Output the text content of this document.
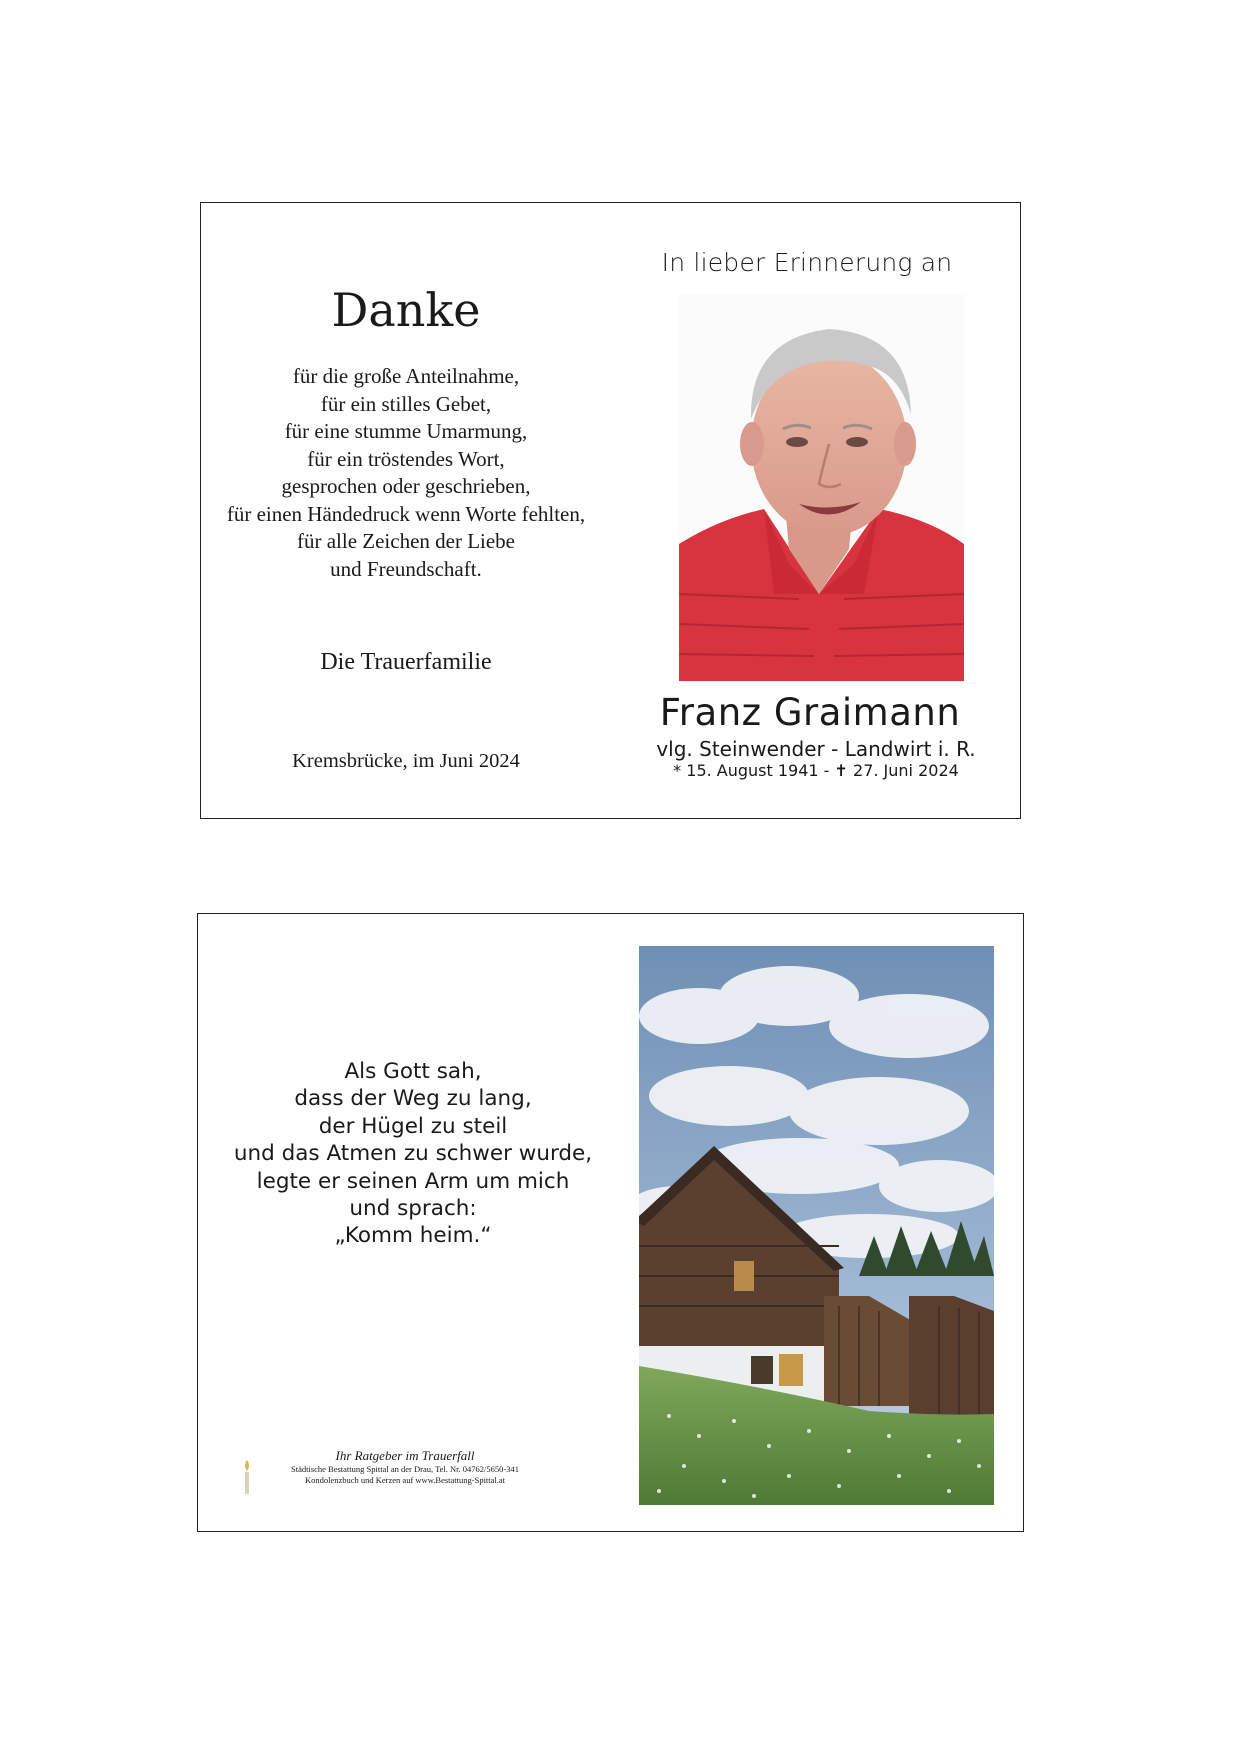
Danke
für die große Anteilnahme,
für ein stilles Gebet,
für eine stumme Umarmung,
für ein tröstendes Wort,
gesprochen oder geschrieben,
für einen Händedruck wenn Worte fehlten,
für alle Zeichen der Liebe
und Freundschaft.
Die Trauerfamilie
Kremsbrücke, im Juni 2024
In lieber Erinnerung an
Franz Graimann
vlg. Steinwender - Landwirt i. R.
* 15. August 1941 - ✝ 27. Juni 2024
Als Gott sah,
dass der Weg zu lang,
der Hügel zu steil
und das Atmen zu schwer wurde,
legte er seinen Arm um mich
und sprach:
„Komm heim.“
Ihr Ratgeber im Trauerfall
Städtische Bestattung Spittal an der Drau, Tel. Nr. 04762/5650-341
Kondolenzbuch und Kerzen auf www.Bestattung-Spittal.at
